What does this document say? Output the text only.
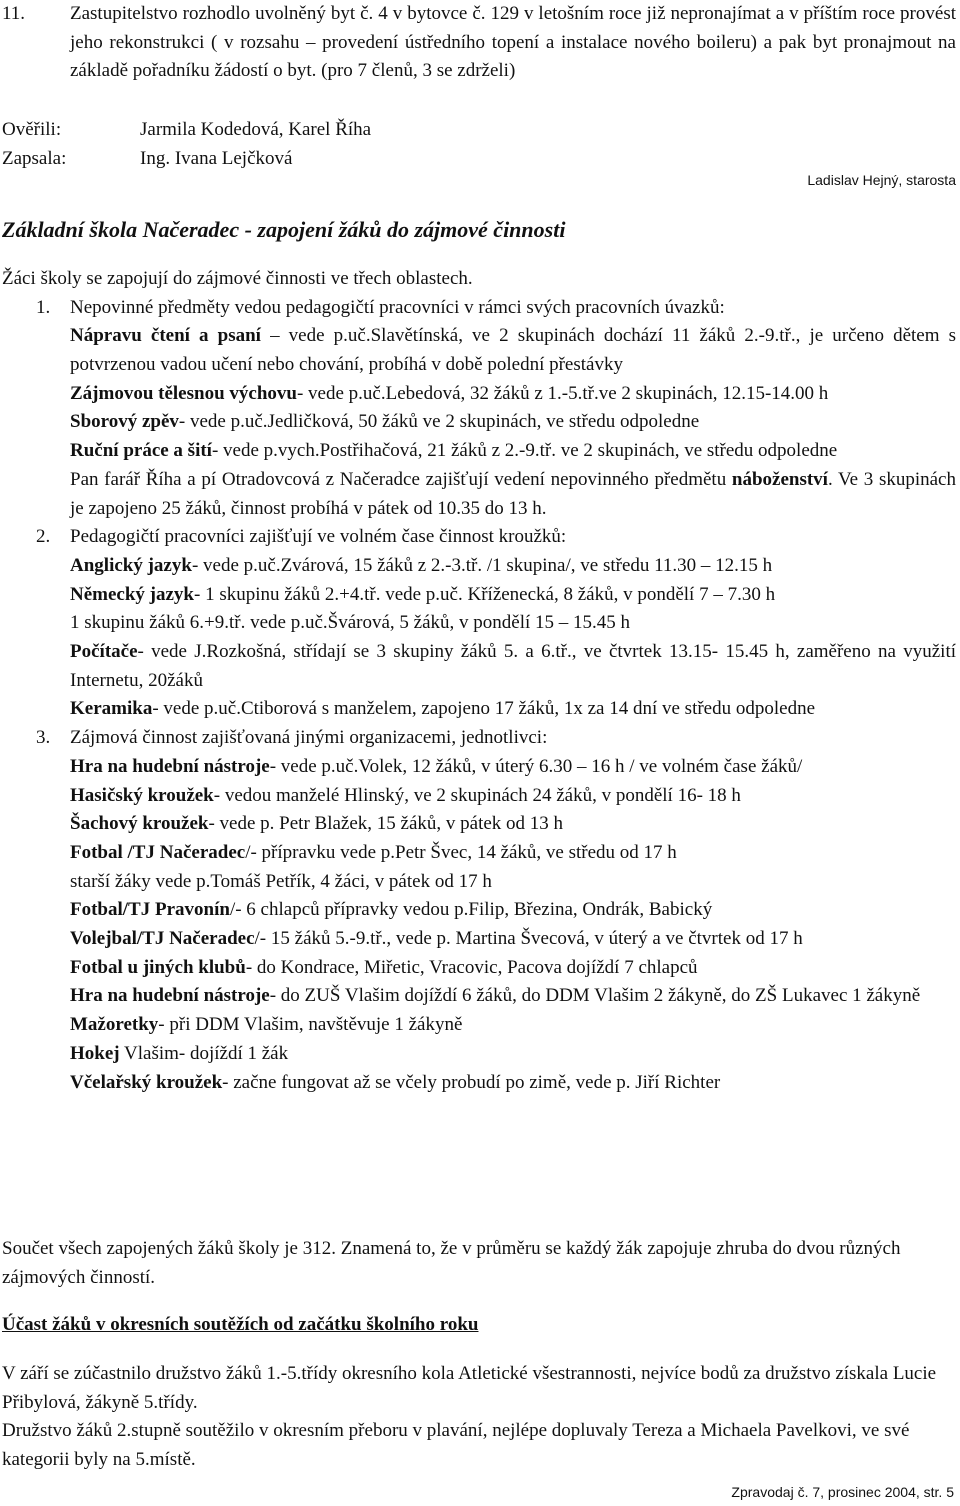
11. Zastupitelstvo rozhodlo uvolněný byt č. 4 v bytovce č. 129 v letošním roce již nepronajímat a v příštím roce provést jeho rekonstrukci ( v rozsahu – provedení ústředního topení a instalace nového boileru) a pak byt pronajmout na základě pořadníku žádostí o byt. (pro 7 členů, 3 se zdrželi)

Ověřili:	Jarmila Kodedová, Karel Říha
Zapsala:	Ing. Ivana Lejčková
Ladislav Hejný, starosta
Základní škola Načeradec - zapojení žáků do zájmové činnosti

Žáci školy se zapojují do zájmové činnosti ve třech oblastech.

1. Nepovinné předměty vedou pedagogičtí pracovníci v rámci svých pracovních úvazků:

Nápravu čtení a psaní – vede p.uč.Slavětínská, ve 2 skupinách dochází 11 žáků 2.-9.tř., je určeno dětem s potvrzenou vadou učení nebo chování, probíhá v době polední přestávky

Zájmovou tělesnou výchovu- vede p.uč.Lebedová, 32 žáků z 1.-5.tř.ve 2 skupinách, 12.15-14.00 h

Sborový zpěv- vede p.uč.Jedličková, 50 žáků ve 2 skupinách, ve středu odpoledne

Ruční práce a šití- vede p.vych.Postřihačová, 21 žáků z 2.-9.tř. ve 2 skupinách, ve středu odpoledne

Pan farář Říha a pí Otradovcová z Načeradce zajišťují vedení nepovinného předmětu náboženství. Ve 3 skupinách je zapojeno 25 žáků, činnost probíhá v pátek od 10.35 do 13 h.

2. Pedagogičtí pracovníci zajišťují ve volném čase činnost kroužků:

Anglický jazyk- vede p.uč.Zvárová, 15 žáků z 2.-3.tř. /1 skupina/, ve středu 11.30 – 12.15 h

Německý jazyk- 1 skupinu žáků 2.+4.tř. vede p.uč. Kříženecká, 8 žáků, v pondělí 7 – 7.30 h

1 skupinu žáků 6.+9.tř. vede p.uč.Švárová, 5 žáků, v pondělí 15 – 15.45 h

Počítače- vede J.Rozkošná, střídají se 3 skupiny žáků 5. a 6.tř., ve čtvrtek 13.15- 15.45 h, zaměřeno na využití Internetu, 20žáků

Keramika- vede p.uč.Ctiborová s manželem, zapojeno 17 žáků, 1x za 14 dní ve středu odpoledne

3. Zájmová činnost zajišťovaná jinými organizacemi, jednotlivci:

Hra na hudební nástroje- vede p.uč.Volek, 12 žáků, v úterý 6.30 – 16 h / ve volném čase žáků/

Hasičský kroužek- vedou manželé Hlinský, ve 2 skupinách 24 žáků, v pondělí 16- 18 h

Šachový kroužek- vede p. Petr Blažek, 15 žáků, v pátek od 13 h

Fotbal /TJ Načeradec/- přípravku vede p.Petr Švec, 14 žáků, ve středu od 17 h

starší žáky vede p.Tomáš Petřík, 4 žáci, v pátek od 17 h

Fotbal/TJ Pravonín/- 6 chlapců přípravky vedou p.Filip, Březina, Ondrák, Babický

Volejbal/TJ Načeradec/- 15 žáků 5.-9.tř., vede p. Martina Švecová, v úterý a ve čtvrtek od 17 h

Fotbal u jiných klubů- do Kondrace, Miřetic, Vracovic, Pacova dojíždí 7 chlapců

Hra na hudební nástroje- do ZUŠ Vlašim dojíždí 6 žáků, do DDM Vlašim 2 žákyně, do ZŠ Lukavec 1 žákyně

Mažoretky- při DDM Vlašim, navštěvuje 1 žákyně

Hokej Vlašim- dojíždí 1 žák

Včelařský kroužek- začne fungovat až se včely probudí po zimě, vede p. Jiří Richter

Součet všech zapojených žáků školy je 312. Znamená to, že v průměru se každý žák zapojuje zhruba do dvou různých zájmových činností.

Účast žáků v okresních soutěžích od začátku školního roku

V září se zúčastnilo družstvo žáků 1.-5.třídy okresního kola Atletické všestrannosti, nejvíce bodů za družstvo získala Lucie Přibylová, žákyně 5.třídy.

Družstvo žáků 2.stupně soutěžilo v okresním přeboru v plavání, nejlépe dopluvaly Tereza a Michaela Pavelkovi, ve své kategorii byly na 5.místě.

Zpravodaj č. 7, prosinec 2004, str. 5
